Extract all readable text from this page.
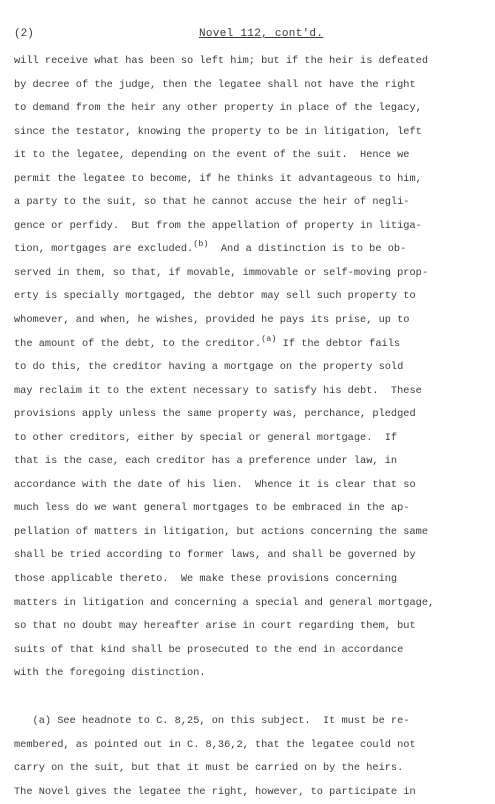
(2)	Novel 112, cont'd.
will receive what has been so left him; but if the heir is defeated
by decree of the judge, then the legatee shall not have the right
to demand from the heir any other property in place of the legacy,
since the testator, knowing the property to be in litigation, left
it to the legatee, depending on the event of the suit.  Hence we
permit the legatee to become, if he thinks it advantageous to him,
a party to the suit, so that he cannot accuse the heir of negli-
gence or perfidy.  But from the appellation of property in litiga-
tion, mortgages are excluded.$^{(b)}$  And a distinction is to be ob-
served in them, so that, if movable, immovable or self-moving prop-
erty is specially mortgaged, the debtor may sell such property to
whomever, and when, he wishes, provided he pays its prise, up to
the amount of the debt, to the creditor.$^{(a)}$ If the debtor fails
to do this, the creditor having a mortgage on the property sold
may reclaim it to the extent necessary to satisfy his debt.  These
provisions apply unless the same property was, perchance, pledged
to other creditors, either by special or general mortgage.  If
that is the case, each creditor has a preference under law, in
accordance with the date of his lien.  Whence it is clear that so
much less do we want general mortgages to be embraced in the ap-
pellation of matters in litigation, but actions concerning the same
shall be tried according to former laws, and shall be governed by
those applicable thereto.  We make these provisions concerning
matters in litigation and concerning a special and general mortgage,
so that no doubt may hereafter arise in court regarding them, but
suits of that kind shall be prosecuted to the end in accordance
with the foregoing distinction.
(a) See headnote to C. 8,25, on this subject.  It must be re-
membered, as pointed out in C. 8,36,2, that the legatee could not
carry on the suit, but that it must be carried on by the heirs.
The Novel gives the legatee the right, however, to participate in
